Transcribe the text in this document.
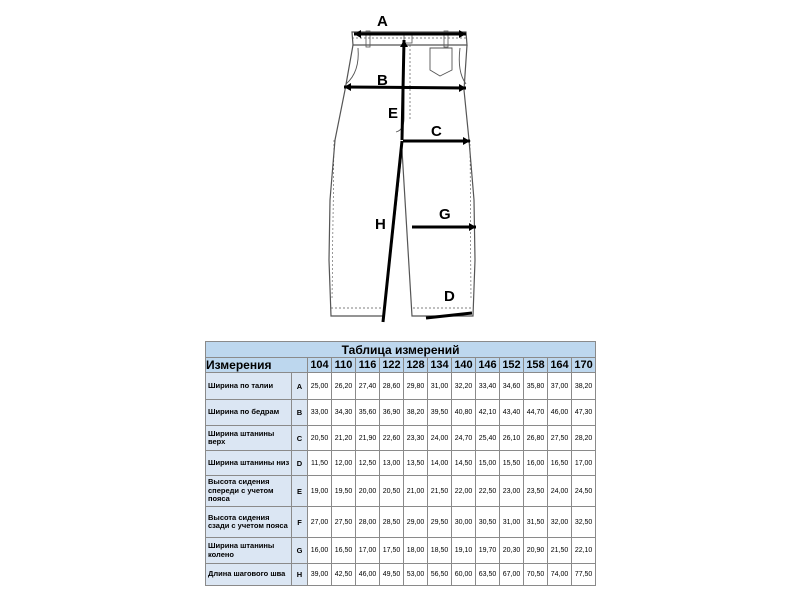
A
B
E
C
G
H
D
Таблица измерений													
Измерения		104	110	116	122	128	134	140	146	152	158	164	170
Ширина по талии	A	25,00	26,20	27,40	28,60	29,80	31,00	32,20	33,40	34,60	35,80	37,00	38,20
Ширина по бедрам	B	33,00	34,30	35,60	36,90	38,20	39,50	40,80	42,10	43,40	44,70	46,00	47,30
Ширина штанины верх	C	20,50	21,20	21,90	22,60	23,30	24,00	24,70	25,40	26,10	26,80	27,50	28,20
Ширина штанины низ	D	11,50	12,00	12,50	13,00	13,50	14,00	14,50	15,00	15,50	16,00	16,50	17,00
Высота сидения спереди с учетом пояса	E	19,00	19,50	20,00	20,50	21,00	21,50	22,00	22,50	23,00	23,50	24,00	24,50
Высота сидения сзади с учетом пояса	F	27,00	27,50	28,00	28,50	29,00	29,50	30,00	30,50	31,00	31,50	32,00	32,50
Ширина штанины колено	G	16,00	16,50	17,00	17,50	18,00	18,50	19,10	19,70	20,30	20,90	21,50	22,10
Длина шагового шва	H	39,00	42,50	46,00	49,50	53,00	56,50	60,00	63,50	67,00	70,50	74,00	77,50
